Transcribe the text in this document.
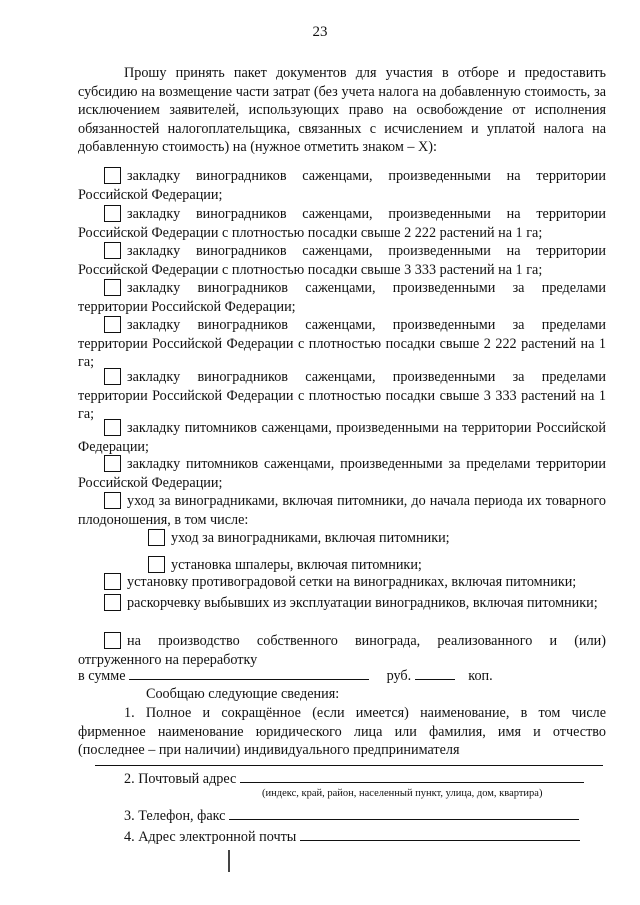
23
Прошу принять пакет документов для участия в отборе и предоставить субсидию на возмещение части затрат (без учета налога на добавленную стоимость, за исключением заявителей, использующих право на освобождение от исполнения обязанностей налогоплательщика, связанных с исчислением и уплатой налога на добавленную стоимость) на (нужное отметить знаком – X):
закладку виноградников саженцами, произведенными на территории Российской Федерации;
закладку виноградников саженцами, произведенными на территории Российской Федерации с плотностью посадки свыше 2 222 растений на 1 га;
закладку виноградников саженцами, произведенными на территории Российской Федерации с плотностью посадки свыше 3 333 растений на 1 га;
закладку виноградников саженцами, произведенными за пределами территории Российской Федерации;
закладку виноградников саженцами, произведенными за пределами территории Российской Федерации с плотностью посадки свыше 2 222 растений на 1 га;
закладку виноградников саженцами, произведенными за пределами территории Российской Федерации с плотностью посадки свыше 3 333 растений на 1 га;
закладку питомников саженцами, произведенными на территории Российской Федерации;
закладку питомников саженцами, произведенными за пределами территории Российской Федерации;
уход за виноградниками, включая питомники, до начала периода их товарного плодоношения, в том числе:
уход за виноградниками, включая питомники;
установка шпалеры, включая питомники;
установку противоградовой сетки на виноградниках, включая питомники;
раскорчевку выбывших из эксплуатации виноградников, включая питомники;
на производство собственного винограда, реализованного и (или) отгруженного на переработку
в сумме	руб.	коп.
Сообщаю следующие сведения:
1. Полное и сокращённое (если имеется) наименование, в том числе фирменное наименование юридического лица или фамилия, имя и отчество (последнее – при наличии) индивидуального предпринимателя
2. Почтовый адрес
(индекс, край, район, населенный пункт, улица, дом, квартира)
3. Телефон, факс
4. Адрес электронной почты
